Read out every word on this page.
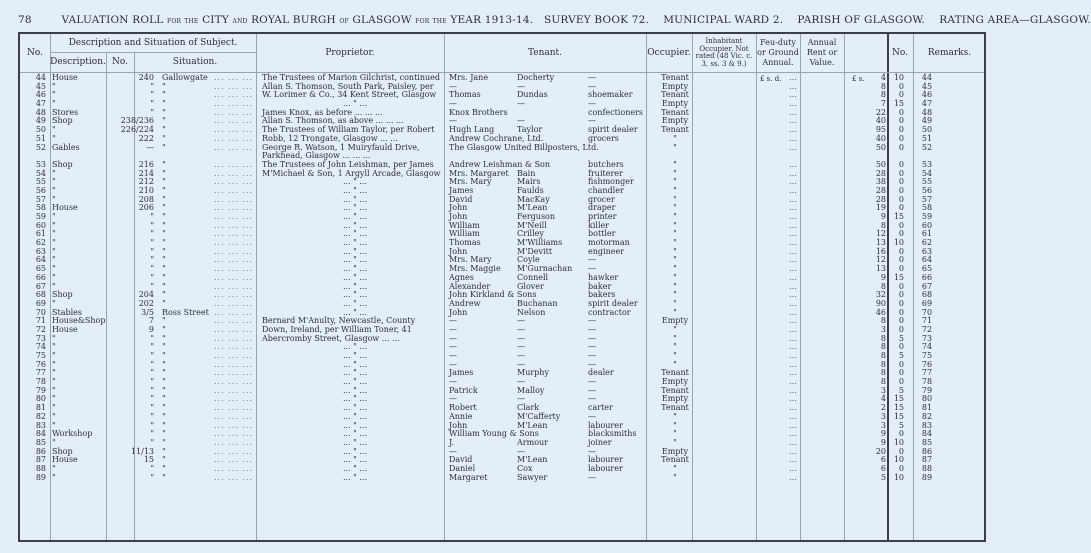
78	VALUATION ROLL for the CITY and ROYAL BURGH of GLASGOW for the YEAR 1913-14. SURVEY BOOK 72. MUNICIPAL WARD 2. PARISH OF GLASGOW. RATING AREA—GLASGOW.
No.
Description and Situation of Subject.
Description. No.	Situation.
Proprietor.	Tenant.	Occupier.
Inhabitant Occupier. Not rated (48 Vic. c. 3, ss. 3 & 9.)
Feu-duty or Ground Annual.
Annual Rent or Value.
No.	Remarks.
£ s. d.	£ s.
44 House	240 Gallowgate	The Trustees of Marion Gilchrist, continued	Mrs. Jane	Docherty	—	Tenant	...	4 10	44
... ... ...
45 "	" "	Allan S. Thomson, South Park, Paisley, per	—	—	—	Empty	...	8	0	45
... ... ...
46 "	" "	W. Lorimer & Co., 34 Kent Street, Glasgow	Thomas	Dundas	shoemaker	Tenant	...	8	0	46
... ... ...
47 "	" "	... " ...	—	—	—	Empty	...	7 15	47
... ... ...
48 Stores	" "	James Knox, as before ... ... ...	Knox Brothers	confectioners	Tenant	...	22	0	48
... ... ...
49 Shop	238/236 "	Allan S. Thomson, as above ... ... ...	—	—	—	Empty	...	40	0	49
... ... ...
50 "	226/224 "	The Trustees of William Taylor, per Robert	Hugh Lang	Taylor	spirit dealer	Tenant	...	95	0	50
... ... ...
51 "	222 "	Robb, 12 Trongate, Glasgow ... ...	Andrew Cochrane, Ltd.	grocers	"	...	40	0	51
... ... ...
52 Gables	— "	George R. Watson, 1 Muiryfauld Drive,	The Glasgow United Billposters, Ltd.	"	...	50	0	52
... ... ...
Parkhead, Glasgow ... ... ...
53 Shop	216 "	The Trustees of John Leishman, per James	Andrew Leishman & Son	butchers	"	...	50	0	53
... ... ...
54 "	214 "	M'Michael & Son, 1 Argyll Arcade, Glasgow	Mrs. Margaret	Bain	fruiterer	"	...	28	0	54
... ... ...
55 "	212 "	... " ...	Mrs. Mary	Mairs	fishmonger	"	...	38	0	55
... ... ...
56 "	210 "	... " ...	James	Faulds	chandler	"	...	28	0	56
... ... ...
57 "	208 "	... " ...	David	MacKay	grocer	"	...	28	0	57
... ... ...
58 House	206 "	... " ...	John	M'Lean	draper	"	...	19	0	58
... ... ...
59 "	" "	... " ...	John	Ferguson	printer	"	...	9 15	59
... ... ...
60 "	" "	... " ...	William	M'Neill	killer	"	...	8	0	60
... ... ...
61 "	" "	... " ...	William	Crilley	bottler	"	...	12	0	61
... ... ...
62 "	" "	... " ...	Thomas	M'Williams	motorman	"	...	13 10	62
... ... ...
63 "	" "	... " ...	John	M'Devitt	engineer	"	...	16	0	63
... ... ...
64 "	" "	... " ...	Mrs. Mary	Coyle	—	"	...	12	0	64
... ... ...
65 "	" "	... " ...	Mrs. Maggie	M'Gurnachan	—	"	...	13	0	65
... ... ...
66 "	" "	... " ...	Agnes	Connell	hawker	"	...	9 15	66
... ... ...
67 "	" "	... " ...	Alexander	Glover	baker	"	...	8	0	67
... ... ...
68 Shop	204 "	... " ...	John Kirkland & Sons	bakers	"	...	32	0	68
... ... ...
69 "	202 "	... " ...	Andrew	Buchanan	spirit dealer	"	...	90	0	69
... ... ...
70 Stables	3/5 Ross Street	... " ...	John	Nelson	contractor	"	...	46	0	70
... ... ...
71 House&Shop	7 "	Bernard M'Anulty, Newcastle, County	—	—	—	Empty	...	8	0	71
... ... ...
72 House	9 "	Down, Ireland, per William Toner, 41	—	—	—	"	...	3	0	72
... ... ...
73 "	" "	Abercromby Street, Glasgow ... ...	—	—	—	"	...	8	5	73
... ... ...
74 "	" "	... " ...	—	—	—	"	...	8	0	74
... ... ...
75 "	" "	... " ...	—	—	—	"	...	8	5	75
... ... ...
76 "	" "	... " ...	—	—	—	"	...	8	0	76
... ... ...
77 "	" "	... " ...	James	Murphy	dealer	Tenant	...	8	0	77
... ... ...
78 "	" "	... " ...	—	—	—	Empty	...	8	0	78
... ... ...
79 "	" "	... " ...	Patrick	Malloy	—	Tenant	...	3	5	79
... ... ...
80 "	" "	... " ...	—	—	—	Empty	...	4 15	80
... ... ...
81 "	" "	... " ...	Robert	Clark	carter	Tenant	...	2 15	81
... ... ...
82 "	" "	... " ...	Annie	M'Cafferty	—	"	...	3 15	82
... ... ...
83 "	" "	... " ...	John	M'Lean	labourer	"	...	3	5	83
... ... ...
84 Workshop	" "	... " ...	William Young & Sons	blacksmiths	"	...	9	0	84
... ... ...
85 "	" "	... " ...	J.	Armour	joiner	"	...	9 10	85
... ... ...
86 Shop	11/13 "	... " ...	—	—	—	Empty	...	20	0	86
... ... ...
87 House	15 "	... " ...	David	M'Lean	labourer	Tenant	...	6 10	87
... ... ...
88 "	" "	... " ...	Daniel	Cox	labourer	"	...	6	0	88
... ... ...
89 "	" "	... " ...	Margaret	Sawyer	—	"	...	5 10	89
... ... ...
